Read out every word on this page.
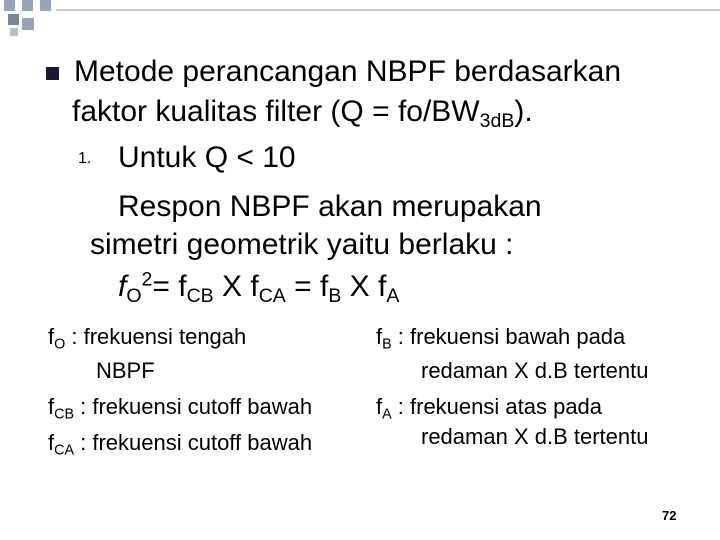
Metode perancangan NBPF berdasarkan
faktor kualitas filter $(Q = fo/BW_{3dB})$.
1. Untuk Q < 10
Respon NBPF akan merupakan
simetri geometrik yaitu berlaku :
$f_O^2= f_{CB}$ X $f_{CA} = f_B$ X $f_A$
$f_O$ : frekuensi tengah
NBPF
$f_{CB}$ : frekuensi cutoff bawah
$f_{CA}$ : frekuensi cutoff bawah
$f_B$ : frekuensi bawah pada
redaman X d.B tertentu
$f_A$ : frekuensi atas pada
redaman X d.B tertentu
72
